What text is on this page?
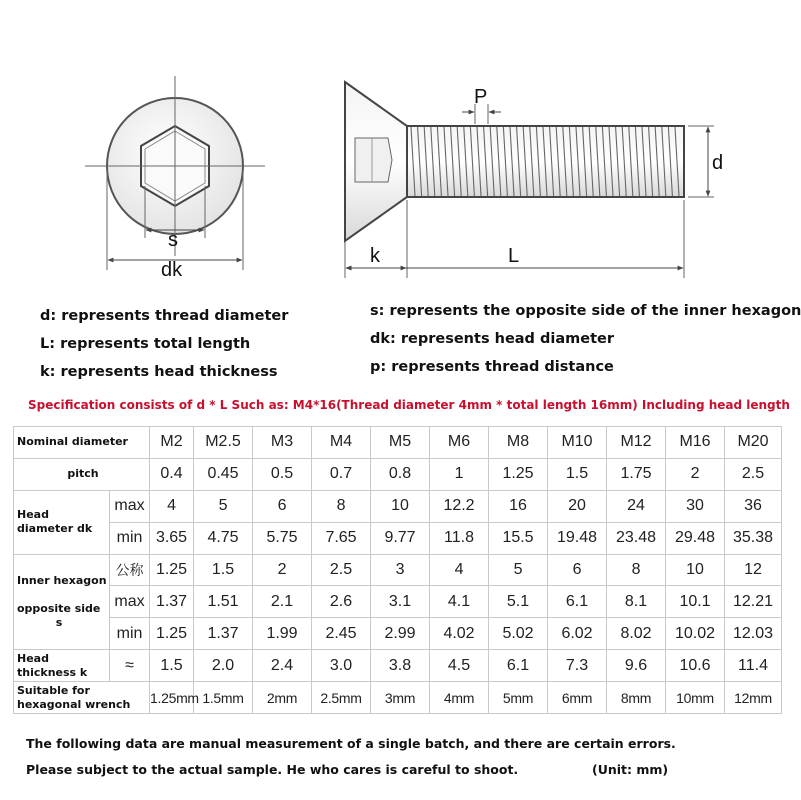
s
dk
P
d
k	L
d: represents thread diameter
L: represents total length
k: represents head thickness
s: represents the opposite side of the inner hexagon
dk: represents head diameter
p: represents thread distance
Specification consists of d * L Such as: M4*16(Thread diameter 4mm * total length 16mm) Including head length
Nominal diameter		M2	M2.5	M3	M4	M5	M6	M8	M10	M12	M16	M20
pitch		0.4	0.45	0.5	0.7	0.8	1	1.25	1.5	1.75	2	2.5
Head
diameter dk	max	4	5	6	8	10	12.2	16	20	24	30	36
	min	3.65	4.75	5.75	7.65	9.77	11.8	15.5	19.48	23.48	29.48	35.38
Inner hexagon

opposite side

s	公称	1.25	1.5	2	2.5	3	4	5	6	8	10	12
	max	1.37	1.51	2.1	2.6	3.1	4.1	5.1	6.1	8.1	10.1	12.21
	min	1.25	1.37	1.99	2.45	2.99	4.02	5.02	6.02	8.02	10.02	12.03
Head
thickness k	≈	1.5	2.0	2.4	3.0	3.8	4.5	6.1	7.3	9.6	10.6	11.4
Suitable for
hexagonal wrench		1.25mm	1.5mm	2mm	2.5mm	3mm	4mm	5mm	6mm	8mm	10mm	12mm
The following data are manual measurement of a single batch, and there are certain errors.
Please subject to the actual sample. He who cares is careful to shoot.	(Unit: mm)
